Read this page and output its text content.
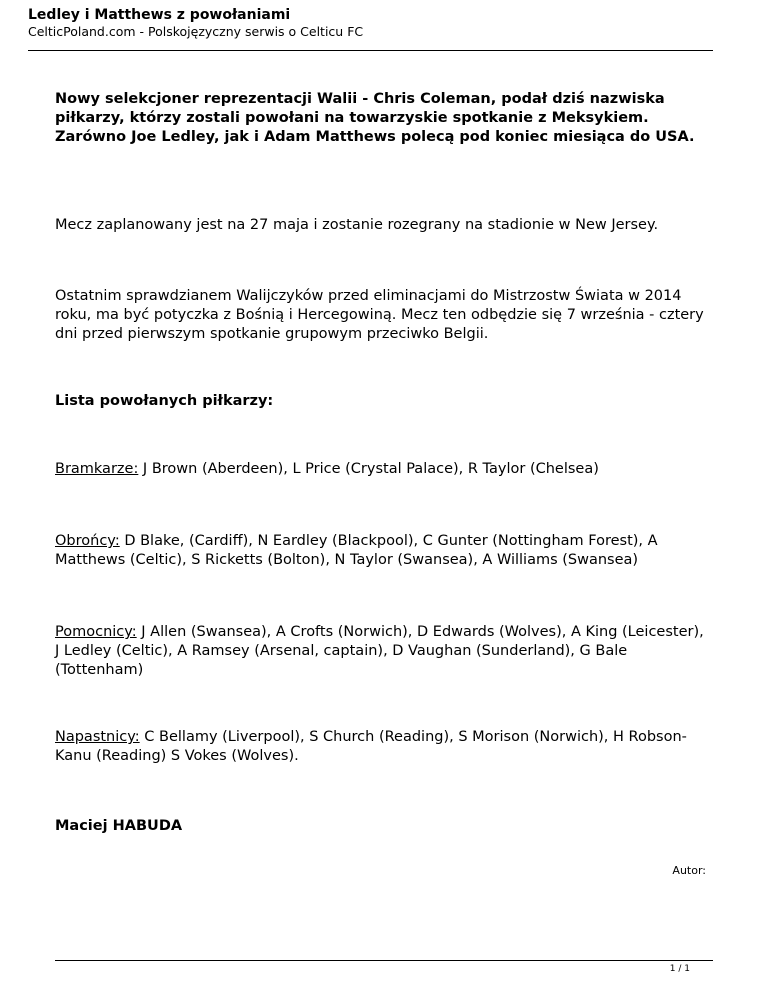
Ledley i Matthews z powołaniami
CelticPoland.com - Polskojęzyczny serwis o Celticu FC
Nowy selekcjoner reprezentacji Walii - Chris Coleman, podał dziś nazwiska piłkarzy, którzy zostali powołani na towarzyskie spotkanie z Meksykiem. Zarówno Joe Ledley, jak i Adam Matthews polecą pod koniec miesiąca do USA.
Mecz zaplanowany jest na 27 maja i zostanie rozegrany na stadionie w New Jersey.
Ostatnim sprawdzianem Walijczyków przed eliminacjami do Mistrzostw Świata w 2014 roku, ma być potyczka z Bośnią i Hercegowiną. Mecz ten odbędzie się 7 września - cztery dni przed pierwszym spotkanie grupowym przeciwko Belgii.
Lista powołanych piłkarzy:
Bramkarze: J Brown (Aberdeen), L Price (Crystal Palace), R Taylor (Chelsea)
Obrońcy: D Blake, (Cardiff), N Eardley (Blackpool), C Gunter (Nottingham Forest), A Matthews (Celtic), S Ricketts (Bolton), N Taylor (Swansea), A Williams (Swansea)
Pomocnicy: J Allen (Swansea), A Crofts (Norwich), D Edwards (Wolves), A King (Leicester), J Ledley (Celtic), A Ramsey (Arsenal, captain), D Vaughan (Sunderland), G Bale (Tottenham)
Napastnicy: C Bellamy (Liverpool), S Church (Reading), S Morison (Norwich), H Robson-Kanu (Reading) S Vokes (Wolves).
Maciej HABUDA
Autor:
1 / 1
